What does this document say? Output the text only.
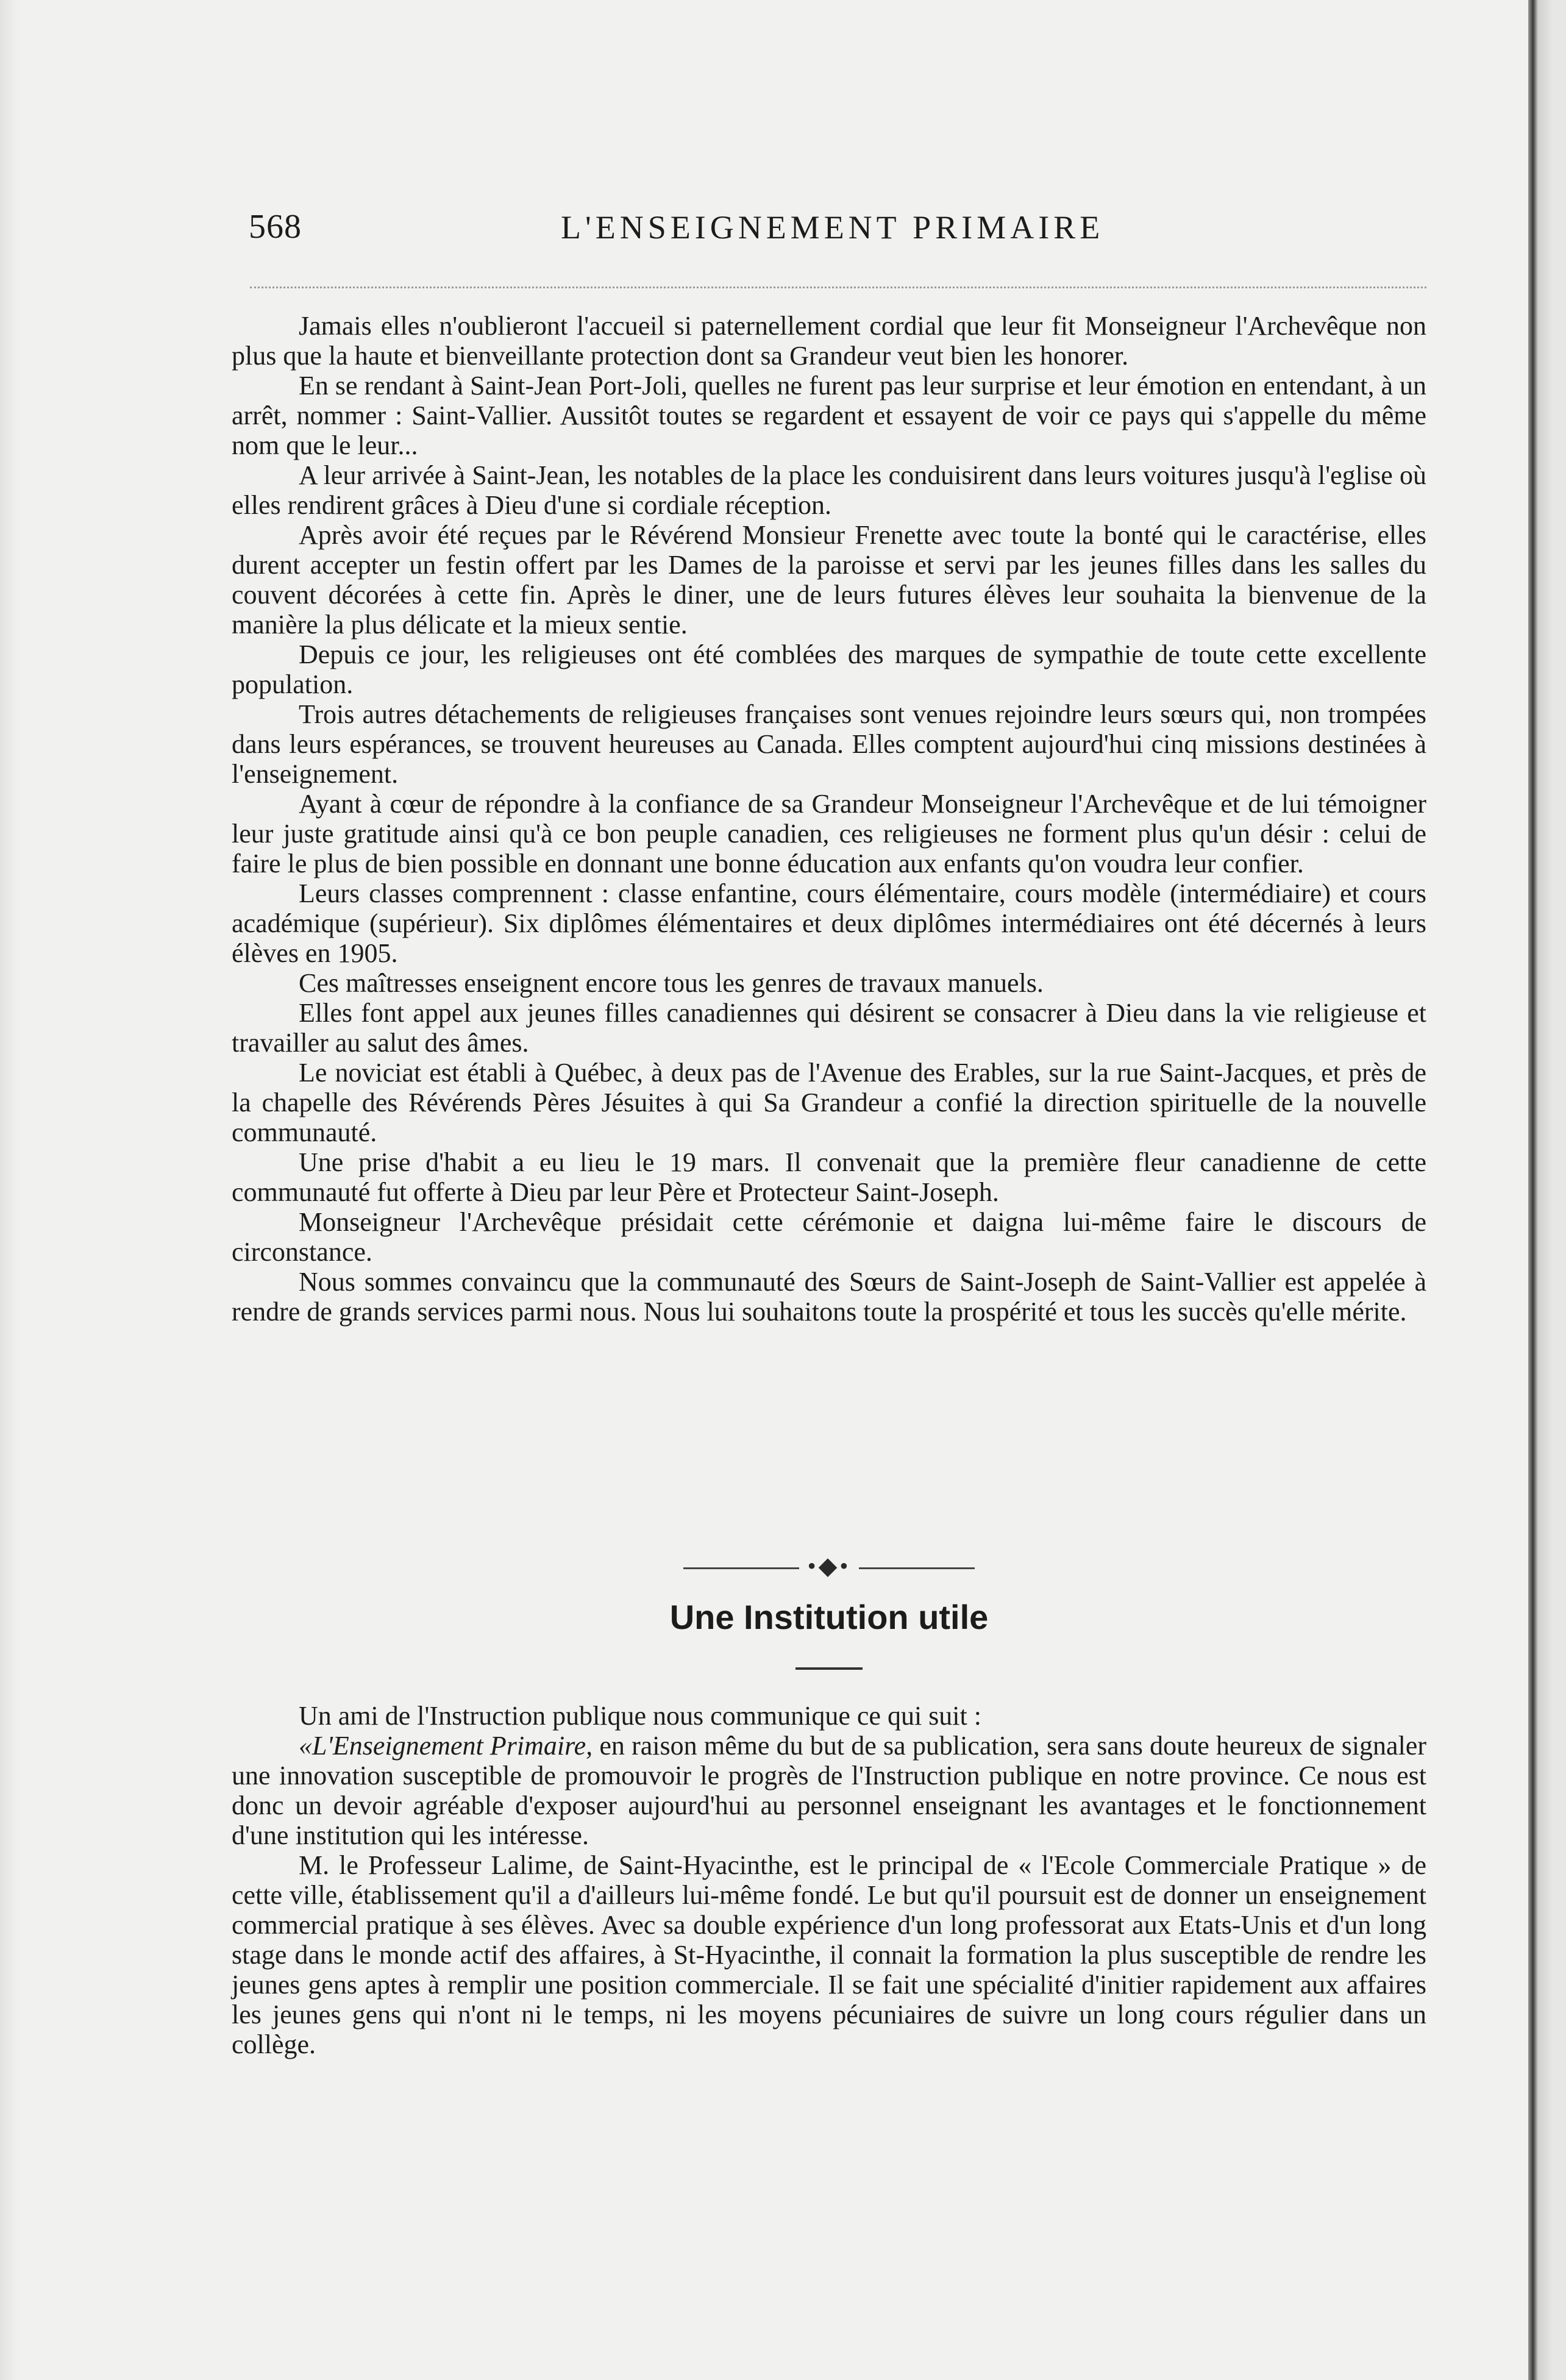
568	L'ENSEIGNEMENT PRIMAIRE

Jamais elles n'oublieront l'accueil si paternellement cordial que leur fit Monseigneur l'Archevêque non plus que la haute et bienveillante protection dont sa Grandeur veut bien les honorer.

En se rendant à Saint-Jean Port-Joli, quelles ne furent pas leur surprise et leur émotion en entendant, à un arrêt, nommer : Saint-Vallier. Aussitôt toutes se regardent et essayent de voir ce pays qui s'appelle du même nom que le leur...

A leur arrivée à Saint-Jean, les notables de la place les conduisirent dans leurs voitures jusqu'à l'eglise où elles rendirent grâces à Dieu d'une si cordiale réception.

Après avoir été reçues par le Révérend Monsieur Frenette avec toute la bonté qui le caractérise, elles durent accepter un festin offert par les Dames de la paroisse et servi par les jeunes filles dans les salles du couvent décorées à cette fin. Après le diner, une de leurs futures élèves leur souhaita la bienvenue de la manière la plus délicate et la mieux sentie.

Depuis ce jour, les religieuses ont été comblées des marques de sympathie de toute cette excellente population.

Trois autres détachements de religieuses françaises sont venues rejoindre leurs sœurs qui, non trompées dans leurs espérances, se trouvent heureuses au Canada. Elles comptent aujourd'hui cinq missions destinées à l'enseignement.

Ayant à cœur de répondre à la confiance de sa Grandeur Monseigneur l'Archevêque et de lui témoigner leur juste gratitude ainsi qu'à ce bon peuple canadien, ces religieuses ne forment plus qu'un désir : celui de faire le plus de bien possible en donnant une bonne éducation aux enfants qu'on voudra leur confier.

Leurs classes comprennent : classe enfantine, cours élémentaire, cours modèle (intermédiaire) et cours académique (supérieur). Six diplômes élémentaires et deux diplômes intermédiaires ont été décernés à leurs élèves en 1905.

Ces maîtresses enseignent encore tous les genres de travaux manuels.

Elles font appel aux jeunes filles canadiennes qui désirent se consacrer à Dieu dans la vie religieuse et travailler au salut des âmes.

Le noviciat est établi à Québec, à deux pas de l'Avenue des Erables, sur la rue Saint-Jacques, et près de la chapelle des Révérends Pères Jésuites à qui Sa Grandeur a confié la direction spirituelle de la nouvelle communauté.

Une prise d'habit a eu lieu le 19 mars. Il convenait que la première fleur canadienne de cette communauté fut offerte à Dieu par leur Père et Protecteur Saint-Joseph.

Monseigneur l'Archevêque présidait cette cérémonie et daigna lui-même faire le discours de circonstance.

Nous sommes convaincu que la communauté des Sœurs de Saint-Joseph de Saint-Vallier est appelée à rendre de grands services parmi nous. Nous lui souhaitons toute la prospérité et tous les succès qu'elle mérite.

•◆•
Une Institution utile

Un ami de l'Instruction publique nous communique ce qui suit :

«L'Enseignement Primaire, en raison même du but de sa publication, sera sans doute heureux de signaler une innovation susceptible de promouvoir le progrès de l'Instruction publique en notre province. Ce nous est donc un devoir agréable d'exposer aujourd'hui au personnel enseignant les avantages et le fonctionnement d'une institution qui les intéresse.

M. le Professeur Lalime, de Saint-Hyacinthe, est le principal de « l'Ecole Commerciale Pratique » de cette ville, établissement qu'il a d'ailleurs lui-même fondé. Le but qu'il poursuit est de donner un enseignement commercial pratique à ses élèves. Avec sa double expérience d'un long professorat aux Etats-Unis et d'un long stage dans le monde actif des affaires, à St-Hyacinthe, il connait la formation la plus susceptible de rendre les jeunes gens aptes à remplir une position commerciale. Il se fait une spécialité d'initier rapidement aux affaires les jeunes gens qui n'ont ni le temps, ni les moyens pécuniaires de suivre un long cours régulier dans un collège.
